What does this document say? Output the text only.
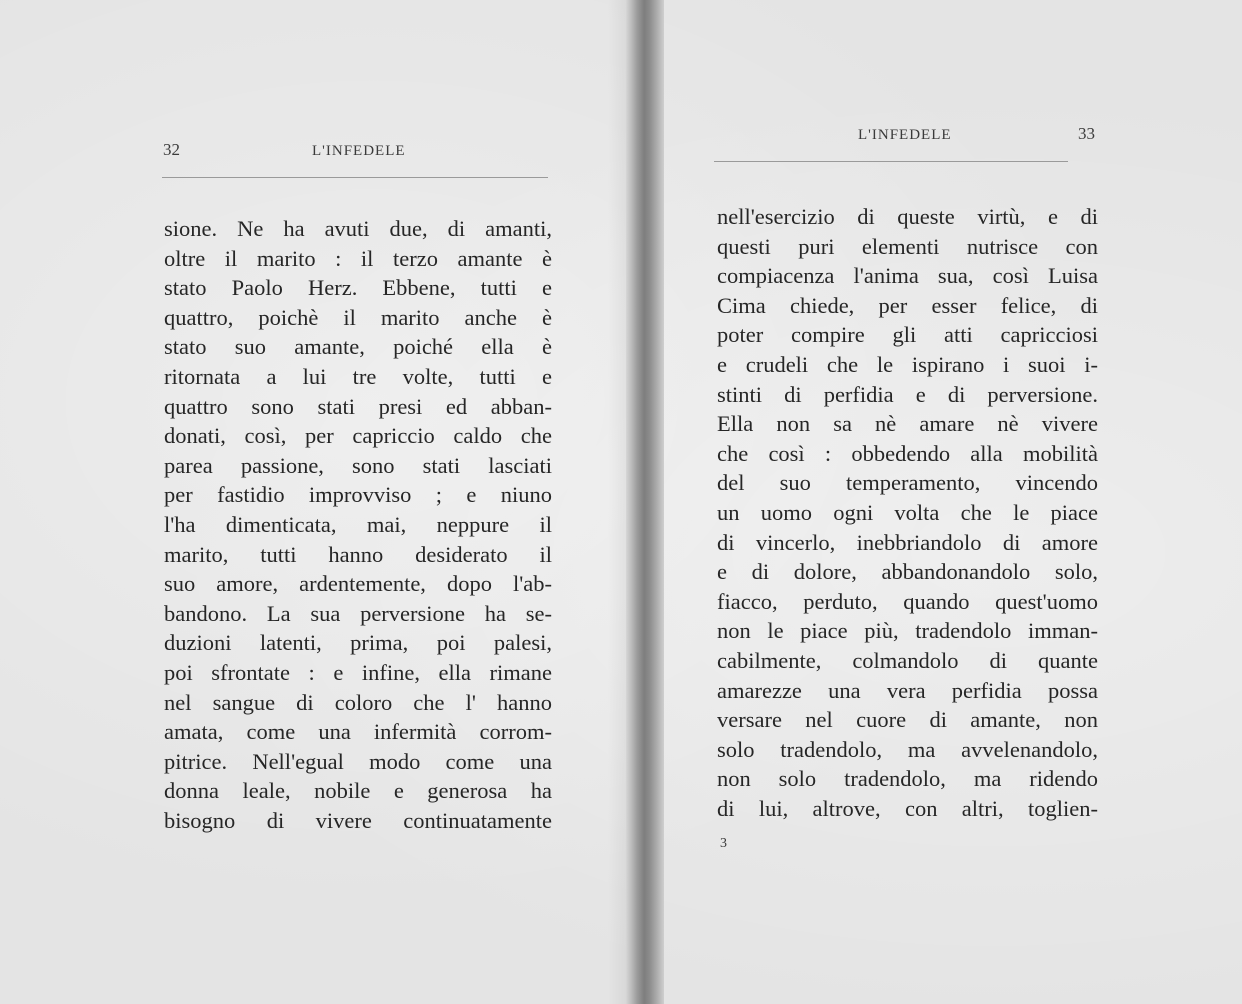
32	L'INFEDELE
sione. Ne ha avuti due, di amanti,
oltre il marito : il terzo amante è
stato Paolo Herz. Ebbene, tutti e
quattro, poichè il marito anche è
stato suo amante, poiché ella è
ritornata a lui tre volte, tutti e
quattro sono stati presi ed abban-
donati, così, per capriccio caldo che
parea passione, sono stati lasciati
per fastidio improvviso ; e niuno
l'ha dimenticata, mai, neppure il
marito, tutti hanno desiderato il
suo amore, ardentemente, dopo l'ab-
bandono. La sua perversione ha se-
duzioni latenti, prima, poi palesi,
poi sfrontate : e infine, ella rimane
nel sangue di coloro che l' hanno
amata, come una infermità corrom-
pitrice. Nell'egual modo come una
donna leale, nobile e generosa ha
bisogno di vivere continuatamente
L'INFEDELE	33
nell'esercizio di queste virtù, e di
questi puri elementi nutrisce con
compiacenza l'anima sua, così Luisa
Cima chiede, per esser felice, di
poter compire gli atti capricciosi
e crudeli che le ispirano i suoi i-
stinti di perfidia e di perversione.
Ella non sa nè amare nè vivere
che così : obbedendo alla mobilità
del suo temperamento, vincendo
un uomo ogni volta che le piace
di vincerlo, inebbriandolo di amore
e di dolore, abbandonandolo solo,
fiacco, perduto, quando quest'uomo
non le piace più, tradendolo imman-
cabilmente, colmandolo di quante
amarezze una vera perfidia possa
versare nel cuore di amante, non
solo tradendolo, ma avvelenandolo,
non solo tradendolo, ma ridendo
di lui, altrove, con altri, toglien-
3
